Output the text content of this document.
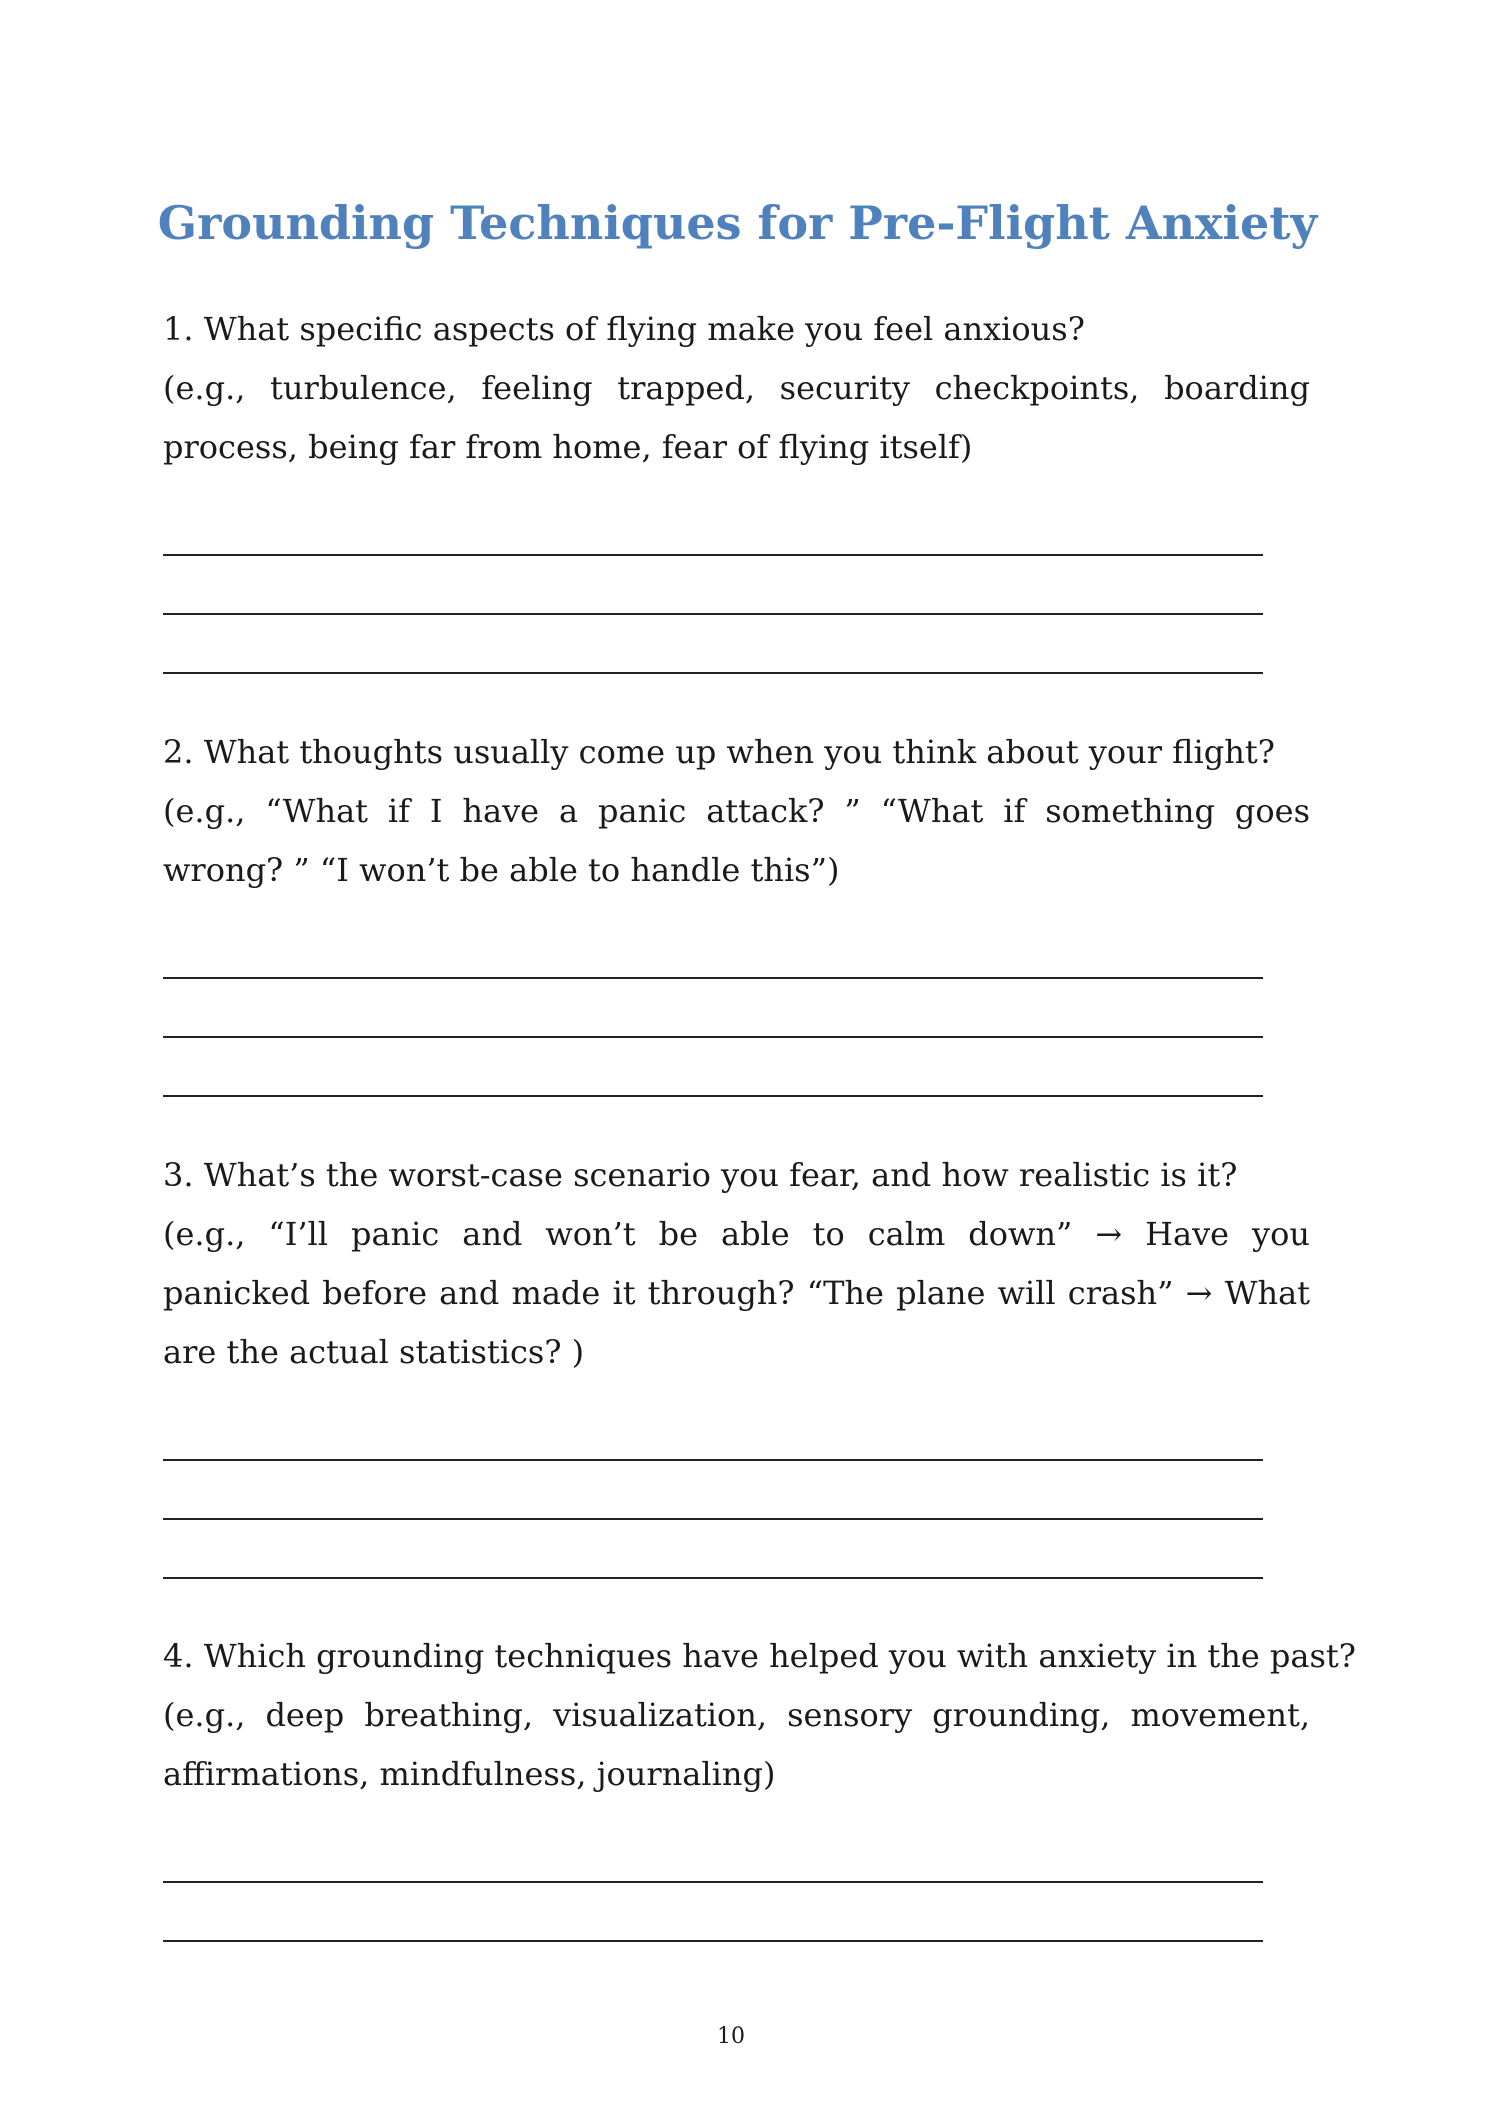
Grounding Techniques for Pre-Flight Anxiety

1. What specific aspects of flying make you feel anxious?

(e.g., turbulence, feeling trapped, security checkpoints, boarding process, being far from home, fear of flying itself)

2. What thoughts usually come up when you think about your flight?

(e.g., “What if I have a panic attack? ” “What if something goes wrong? ” “I won’t be able to handle this”)

3. What’s the worst-case scenario you fear, and how realistic is it?

(e.g., “I’ll panic and won’t be able to calm down” → Have you panicked before and made it through? “The plane will crash” → What are the actual statistics? )

4. Which grounding techniques have helped you with anxiety in the past?

(e.g., deep breathing, visualization, sensory grounding, movement, affirmations, mindfulness, journaling)

10
